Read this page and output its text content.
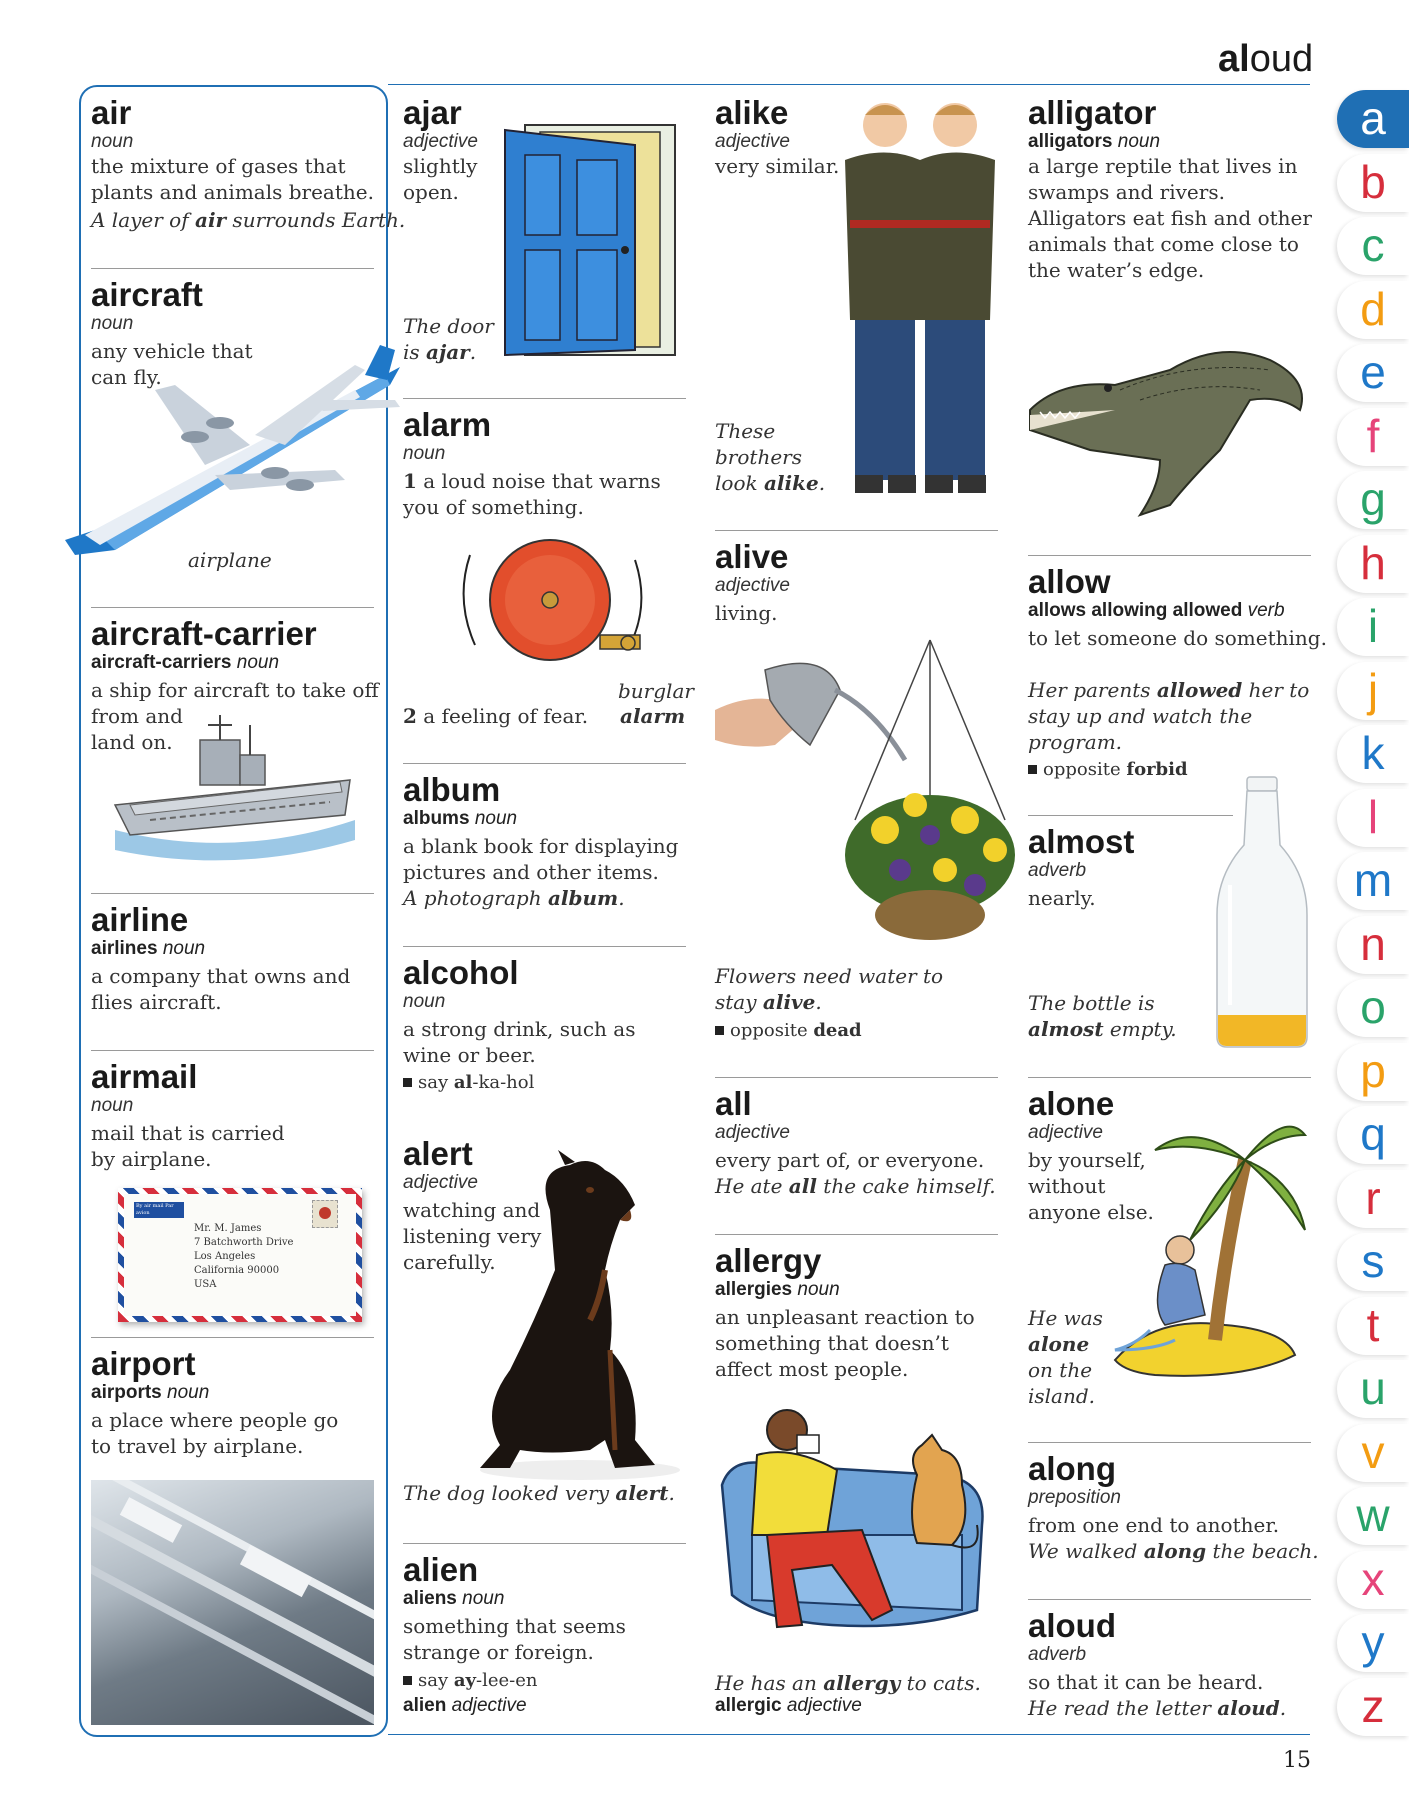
aloud
15
air
noun
the mixture of gases that plants and animals breathe.
A layer of air surrounds Earth.
aircraft
noun
any vehicle that
can fly.
airplane
aircraft-carrier
aircraft-carriers noun
a ship for aircraft to take off
from and
land on.
airline
airlines noun
a company that owns and flies aircraft.
airmail
noun
mail that is carried
by airplane.
By air mail Par avion
Mr. M. James
7 Batchworth Drive
Los Angeles
California 90000
USA
airport
airports noun
a place where people go to travel by airplane.
ajar
adjective
slightly
open.
The door
is ajar.
alarm
noun
1 a loud noise that warns you of something.
burglar
2 a feeling of fear. alarm
album
albums noun
a blank book for displaying pictures and other items.
A photograph album.
alcohol
noun
a strong drink, such as wine or beer.
say al-ka-hol
alert
adjective
watching and listening very carefully.
The dog looked very alert.
alien
aliens noun
something that seems strange or foreign.
say ay-lee-en
alien adjective
alike
adjective
very similar.
These
brothers
look alike.
alive
adjective
living.
Flowers need water to
stay alive.
opposite dead
all
adjective
every part of, or everyone.
He ate all the cake himself.
allergy
allergies noun
an unpleasant reaction to something that doesn’t affect most people.
He has an allergy to cats.
allergic adjective
alligator
alligators noun
a large reptile that lives in swamps and rivers. Alligators eat fish and other animals that come close to the water’s edge.
allow
allows allowing allowed verb
to let someone do something.
Her parents allowed her to
stay up and watch the
program.
opposite forbid
almost
adverb
nearly.
The bottle is
almost empty.
alone
adjective
by yourself,
without
anyone else.
He was
alone
on the
island.
along
preposition
from one end to another.
We walked along the beach.
aloud
adverb
so that it can be heard.
He read the letter aloud.
a
b
c
d
e
f
g
h
i
j
k
l
m
n
o
p
q
r
s
t
u
v
w
x
y
z
